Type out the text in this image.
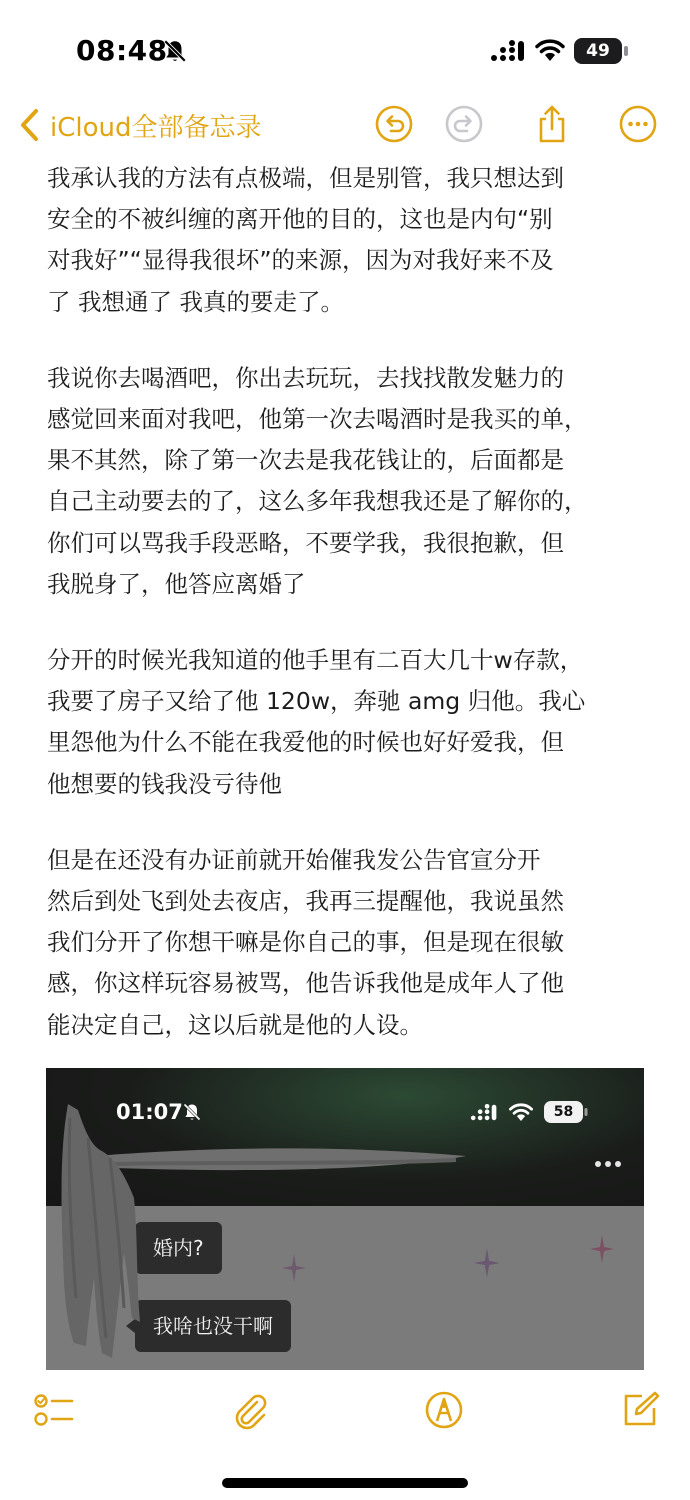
08:48	49
iCloud全部备忘录

我承认我的方法有点极端，但是别管，我只想达到
安全的不被纠缠的离开他的目的，这也是内句“别
对我好”“显得我很坏”的来源，因为对我好来不及
了 我想通了 我真的要走了。

我说你去喝酒吧，你出去玩玩，去找找散发魅力的
感觉回来面对我吧，他第一次去喝酒时是我买的单，
果不其然，除了第一次去是我花钱让的，后面都是
自己主动要去的了，这么多年我想我还是了解你的，
你们可以骂我手段恶略，不要学我，我很抱歉，但
我脱身了，他答应离婚了

分开的时候光我知道的他手里有二百大几十w存款，
我要了房子又给了他 120w，奔驰 amg 归他。我心
里怨他为什么不能在我爱他的时候也好好爱我，但
他想要的钱我没亏待他

但是在还没有办证前就开始催我发公告官宣分开
然后到处飞到处去夜店，我再三提醒他，我说虽然
我们分开了你想干嘛是你自己的事，但是现在很敏
感，你这样玩容易被骂，他告诉我他是成年人了他
能决定自己，这以后就是他的人设。

01:07	58
婚内?
我啥也没干啊
